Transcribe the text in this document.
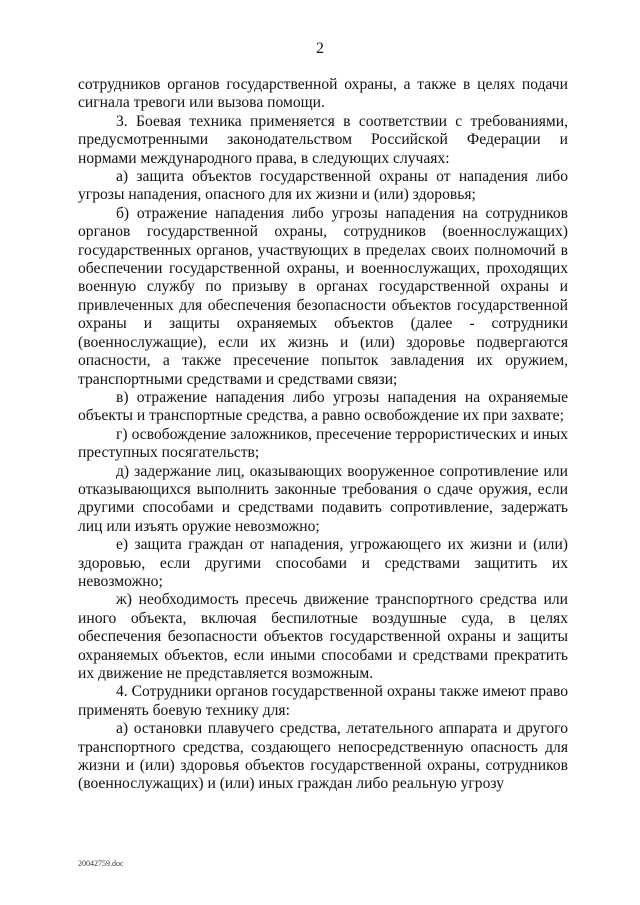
2

сотрудников органов государственной охраны, а также в целях подачи сигнала тревоги или вызова помощи.

3. Боевая техника применяется в соответствии с требованиями, предусмотренными законодательством Российской Федерации и нормами международного права, в следующих случаях:

а) защита объектов государственной охраны от нападения либо угрозы нападения, опасного для их жизни и (или) здоровья;

б) отражение нападения либо угрозы нападения на сотрудников органов государственной охраны, сотрудников (военнослужащих) государственных органов, участвующих в пределах своих полномочий в обеспечении государственной охраны, и военнослужащих, проходящих военную службу по призыву в органах государственной охраны и привлеченных для обеспечения безопасности объектов государственной охраны и защиты охраняемых объектов (далее - сотрудники (военнослужащие), если их жизнь и (или) здоровье подвергаются опасности, а также пресечение попыток завладения их оружием, транспортными средствами и средствами связи;

в) отражение нападения либо угрозы нападения на охраняемые объекты и транспортные средства, а равно освобождение их при захвате;

г) освобождение заложников, пресечение террористических и иных преступных посягательств;

д) задержание лиц, оказывающих вооруженное сопротивление или отказывающихся выполнить законные требования о сдаче оружия, если другими способами и средствами подавить сопротивление, задержать лиц или изъять оружие невозможно;

е) защита граждан от нападения, угрожающего их жизни и (или) здоровью, если другими способами и средствами защитить их невозможно;

ж) необходимость пресечь движение транспортного средства или иного объекта, включая беспилотные воздушные суда, в целях обеспечения безопасности объектов государственной охраны и защиты охраняемых объектов, если иными способами и средствами прекратить их движение не представляется возможным.

4. Сотрудники органов государственной охраны также имеют право применять боевую технику для:

а) остановки плавучего средства, летательного аппарата и другого транспортного средства, создающего непосредственную опасность для жизни и (или) здоровья объектов государственной охраны, сотрудников (военнослужащих) и (или) иных граждан либо реальную угрозу

20042759.doc
